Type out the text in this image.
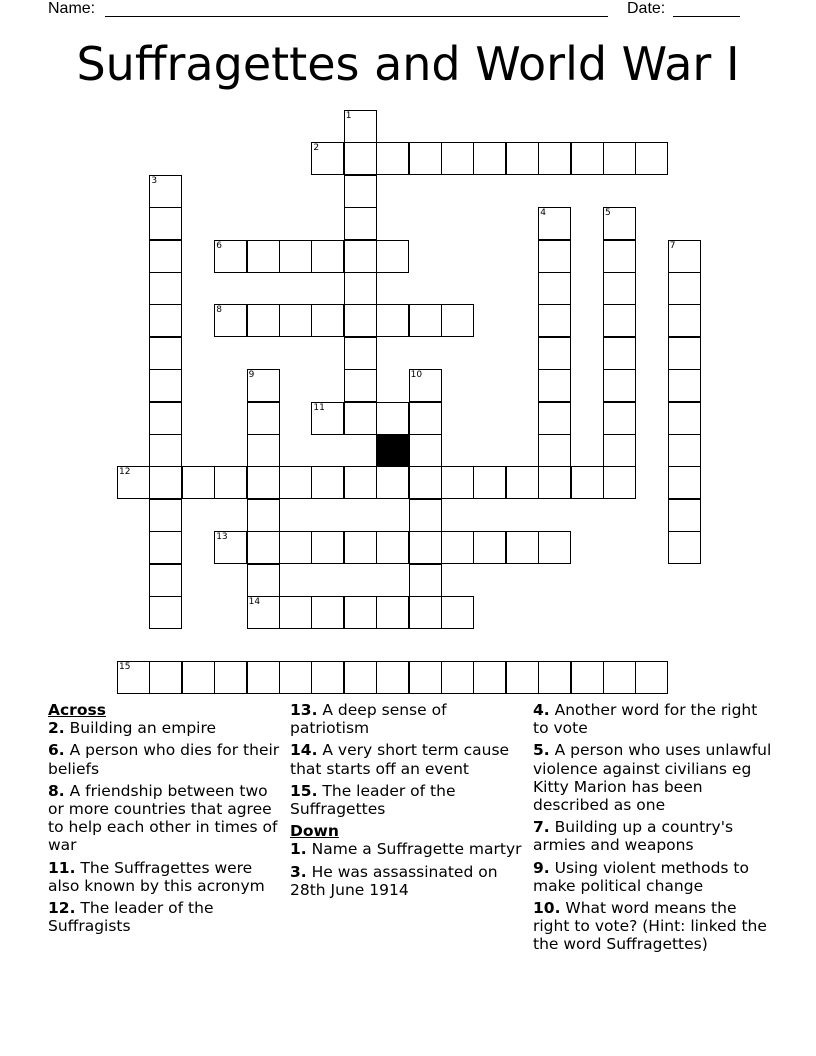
Name:	Date:
Suffragettes and World War I
1
2
3
4	5
6	7
8
9
14
10
11
12
13
15
Across
2. Building an empire
6. A person who dies for their beliefs
8. A friendship between two or more countries that agree to help each other in times of war
11. The Suffragettes were also known by this acronym
12. The leader of the Suffragists
13. A deep sense of patriotism
14. A very short term cause that starts off an event
15. The leader of the Suffragettes
Down
1. Name a Suffragette martyr
3. He was assassinated on 28th June 1914
4. Another word for the right to vote
5. A person who uses unlawful violence against civilians eg Kitty Marion has been described as one
7. Building up a country's armies and weapons
9. Using violent methods to make political change
10. What word means the right to vote? (Hint: linked the the word Suffragettes)
